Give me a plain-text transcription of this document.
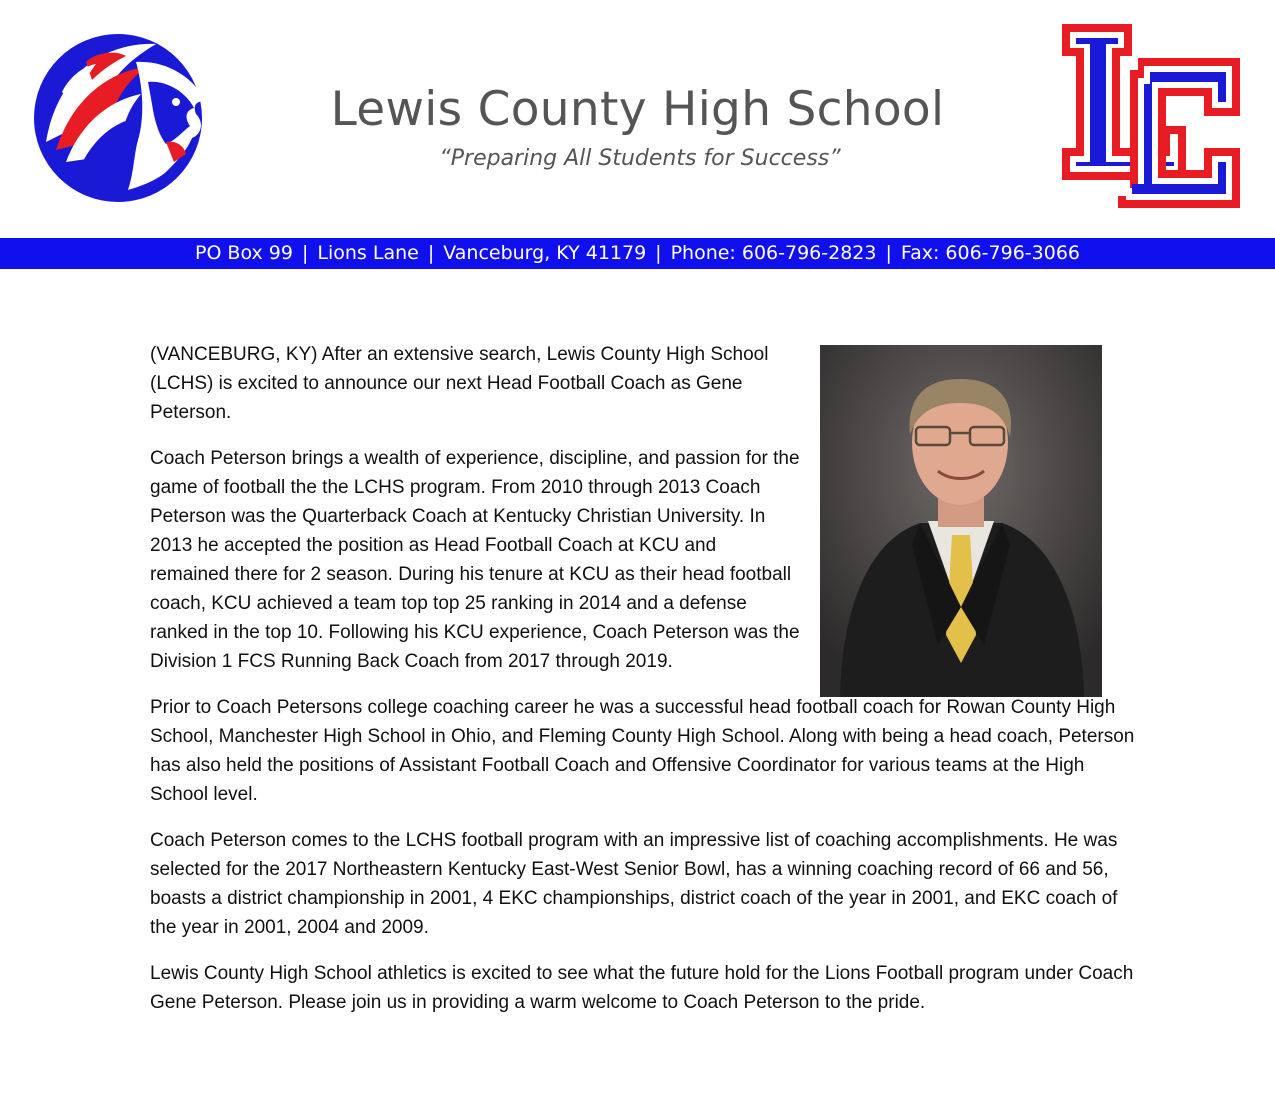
Lewis County High School
“Preparing All Students for Success”
PO Box 99 | Lions Lane | Vanceburg, KY 41179 | Phone: 606-796-2823 | Fax: 606-796-3066

(VANCEBURG, KY) After an extensive search, Lewis County High School (LCHS) is excited to announce our next Head Football Coach as Gene Peterson.

Coach Peterson brings a wealth of experience, discipline, and passion for the game of football the the LCHS program. From 2010 through 2013 Coach Peterson was the Quarterback Coach at Kentucky Christian University. In 2013 he accepted the position as Head Football Coach at KCU and remained there for 2 season. During his tenure at KCU as their head football coach, KCU achieved a team top top 25 ranking in 2014 and a defense ranked in the top 10. Following his KCU experience, Coach Peterson was the Division 1 FCS Running Back Coach from 2017 through 2019.

Prior to Coach Petersons college coaching career he was a successful head football coach for Rowan County High School, Manchester High School in Ohio, and Fleming County High School. Along with being a head coach, Peterson has also held the positions of Assistant Football Coach and Offensive Coordinator for various teams at the High School level.

Coach Peterson comes to the LCHS football program with an impressive list of coaching accomplishments. He was selected for the 2017 Northeastern Kentucky East-West Senior Bowl, has a winning coaching record of 66 and 56, boasts a district championship in 2001, 4 EKC championships, district coach of the year in 2001, and EKC coach of the year in 2001, 2004 and 2009.

Lewis County High School athletics is excited to see what the future hold for the Lions Football program under Coach Gene Peterson. Please join us in providing a warm welcome to Coach Peterson to the pride.
